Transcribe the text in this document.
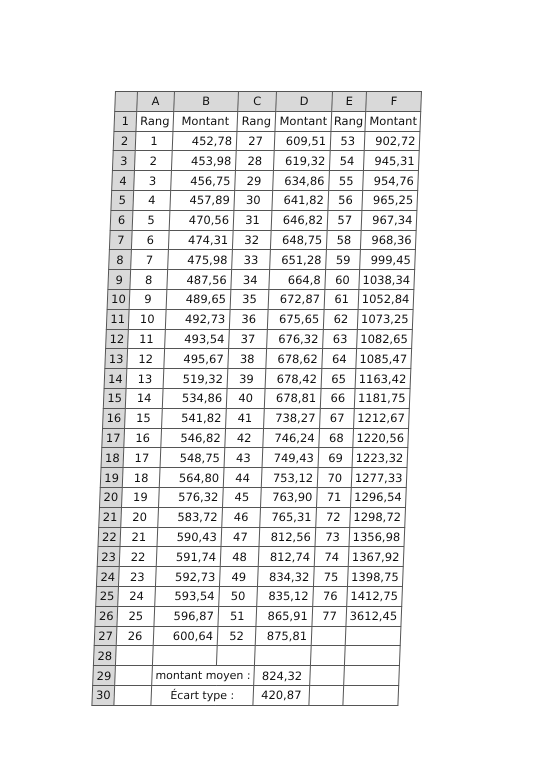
	A	B	C	D	E	F
1	Rang	Montant	Rang	Montant	Rang	Montant
2	1	452,78	27	609,51	53	902,72
3	2	453,98	28	619,32	54	945,31
4	3	456,75	29	634,86	55	954,76
5	4	457,89	30	641,82	56	965,25
6	5	470,56	31	646,82	57	967,34
7	6	474,31	32	648,75	58	968,36
8	7	475,98	33	651,28	59	999,45
9	8	487,56	34	664,8	60	1038,34
10	9	489,65	35	672,87	61	1052,84
11	10	492,73	36	675,65	62	1073,25
12	11	493,54	37	676,32	63	1082,65
13	12	495,67	38	678,62	64	1085,47
14	13	519,32	39	678,42	65	1163,42
15	14	534,86	40	678,81	66	1181,75
16	15	541,82	41	738,27	67	1212,67
17	16	546,82	42	746,24	68	1220,56
18	17	548,75	43	749,43	69	1223,32
19	18	564,80	44	753,12	70	1277,33
20	19	576,32	45	763,90	71	1296,54
21	20	583,72	46	765,31	72	1298,72
22	21	590,43	47	812,56	73	1356,98
23	22	591,74	48	812,74	74	1367,92
24	23	592,73	49	834,32	75	1398,75
25	24	593,54	50	835,12	76	1412,75
26	25	596,87	51	865,91	77	3612,45
27	26	600,64	52	875,81		
28						
29		montant moyen :		824,32		
30		Écart type :		420,87		
